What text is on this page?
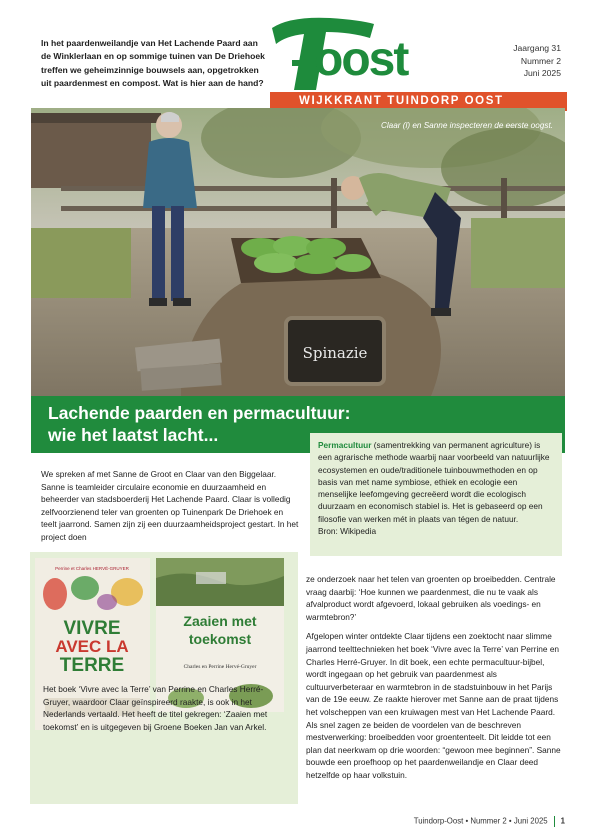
In het paardenweilandje van Het Lachende Paard aan de Winklerlaan en op sommige tuinen van De Driehoek treffen we geheimzinnige bouwsels aan, opgetrokken uit paardenmest en compost. Wat is hier aan de hand? oost
WIJKKRANT TUINDORP OOST
Jaargang 31
Nummer 2
Juni 2025
Spinazie
Claar (l) en Sanne inspecteren de eerste oogst.
Lachende paarden en permacultuur:
wie het laatst lacht...	Permacultuur (samentrekking van permanent agriculture) is een agrarische methode waarbij naar voorbeeld van natuurlijke ecosystemen en oude/traditionele tuinbouwmethoden en op basis van met name symbiose, ethiek en ecologie een menselijke leefomgeving gecreëerd wordt die ecologisch duurzaam en economisch stabiel is. Het is gebaseerd op een filosofie van werken mét in plaats van tégen de natuur.
Bron: Wikipedia
We spreken af met Sanne de Groot en Claar van den Biggelaar. Sanne is teamleider circulaire economie en duurzaamheid en beheerder van stadsboerderij Het Lachende Paard. Claar is volledig zelfvoorzienend teler van groenten op Tuinenpark De Driehoek en teelt jaarrond. Samen zijn zij een duurzaamheidsproject gestart. In het project doen
Perrine et Charles HERVÉ-GRUYER
VIVRE
AVEC LA
TERRE
Zaaien met
toekomst
Charles en Perrine Hervé-Gruyer
Het boek ‘Vivre avec la Terre’ van Perrine en Charles Herré-Gruyer, waardoor Claar geïnspireerd raakte, is ook in het Nederlands vertaald. Het heeft de titel gekregen: ‘Zaaien met toekomst’ en is uitgegeven bij Groene Boeken Jan van Arkel.

ze onderzoek naar het telen van groenten op broeibedden. Centrale vraag daarbij: ‘Hoe kunnen we paardenmest, die nu te vaak als afvalproduct wordt afgevoerd, lokaal gebruiken als voedings- en warmtebron?’

Afgelopen winter ontdekte Claar tijdens een zoektocht naar slimme jaarrond teelttechnieken het boek ‘Vivre avec la Terre’ van Perrine en Charles Herré-Gruyer. In dit boek, een echte permacultuur-bijbel, wordt ingegaan op het gebruik van paardenmest als cultuurverbeteraar en warmtebron in de stadstuinbouw in het Parijs van de 19e eeuw. Ze raakte hierover met Sanne aan de praat tijdens het volscheppen van een kruiwagen mest van Het Lachende Paard. Als snel zagen ze beiden de voordelen van de beschreven mestverwerking: broeibedden voor groententeelt. Dit leidde tot een plan dat neerkwam op drie woorden: “gewoon mee beginnen”. Sanne bouwde een proefhoop op het paardenweilandje en Claar deed hetzelfde op haar volkstuin.

Tuindorp-Oost • Nummer 2 • Juni 2025 1
